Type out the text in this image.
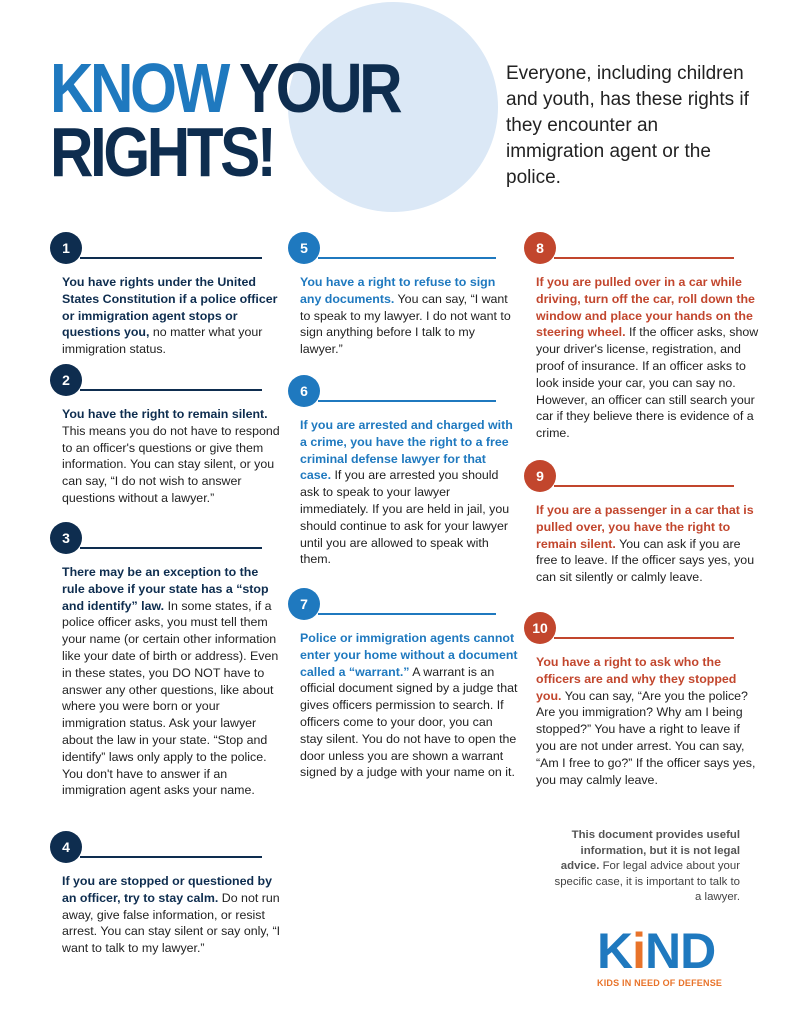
KNOW YOUR
RIGHTS!

Everyone, including children and youth, has these rights if they encounter an immigration agent or the police.

1

You have rights under the United States Constitution if a police officer or immigration agent stops or questions you, no matter what your immigration status.

2

You have the right to remain silent. This means you do not have to respond to an officer's questions or give them information. You can stay silent, or you can say, “I do not wish to answer questions without a lawyer.”

3

There may be an exception to the rule above if your state has a “stop and identify” law. In some states, if a police officer asks, you must tell them your name (or certain other information like your date of birth or address). Even in these states, you DO NOT have to answer any other questions, like about where you were born or your immigration status. Ask your lawyer about the law in your state. “Stop and identify” laws only apply to the police. You don't have to answer if an immigration agent asks your name.

4

If you are stopped or questioned by an officer, try to stay calm. Do not run away, give false information, or resist arrest. You can stay silent or say only, “I want to talk to my lawyer.”

5

You have a right to refuse to sign any documents. You can say, “I want to speak to my lawyer. I do not want to sign anything before I talk to my lawyer.”

6

If you are arrested and charged with a crime, you have the right to a free criminal defense lawyer for that case. If you are arrested you should ask to speak to your lawyer immediately. If you are held in jail, you should continue to ask for your lawyer until you are allowed to speak with them.

7

Police or immigration agents cannot enter your home without a document called a “warrant.” A warrant is an official document signed by a judge that gives officers permission to search. If officers come to your door, you can stay silent. You do not have to open the door unless you are shown a warrant signed by a judge with your name on it.

8

If you are pulled over in a car while driving, turn off the car, roll down the window and place your hands on the steering wheel. If the officer asks, show your driver's license, registration, and proof of insurance. If an officer asks to look inside your car, you can say no. However, an officer can still search your car if they believe there is evidence of a crime.

9

If you are a passenger in a car that is pulled over, you have the right to remain silent. You can ask if you are free to leave. If the officer says yes, you can sit silently or calmly leave.

10

You have a right to ask who the officers are and why they stopped you. You can say, “Are you the police? Are you immigration? Why am I being stopped?” You have a right to leave if you are not under arrest. You can say, “Am I free to go?” If the officer says yes, you may calmly leave.

This document provides useful information, but it is not legal advice. For legal advice about your specific case, it is important to talk to a lawyer.

KiND
KIDS IN NEED OF DEFENSE
